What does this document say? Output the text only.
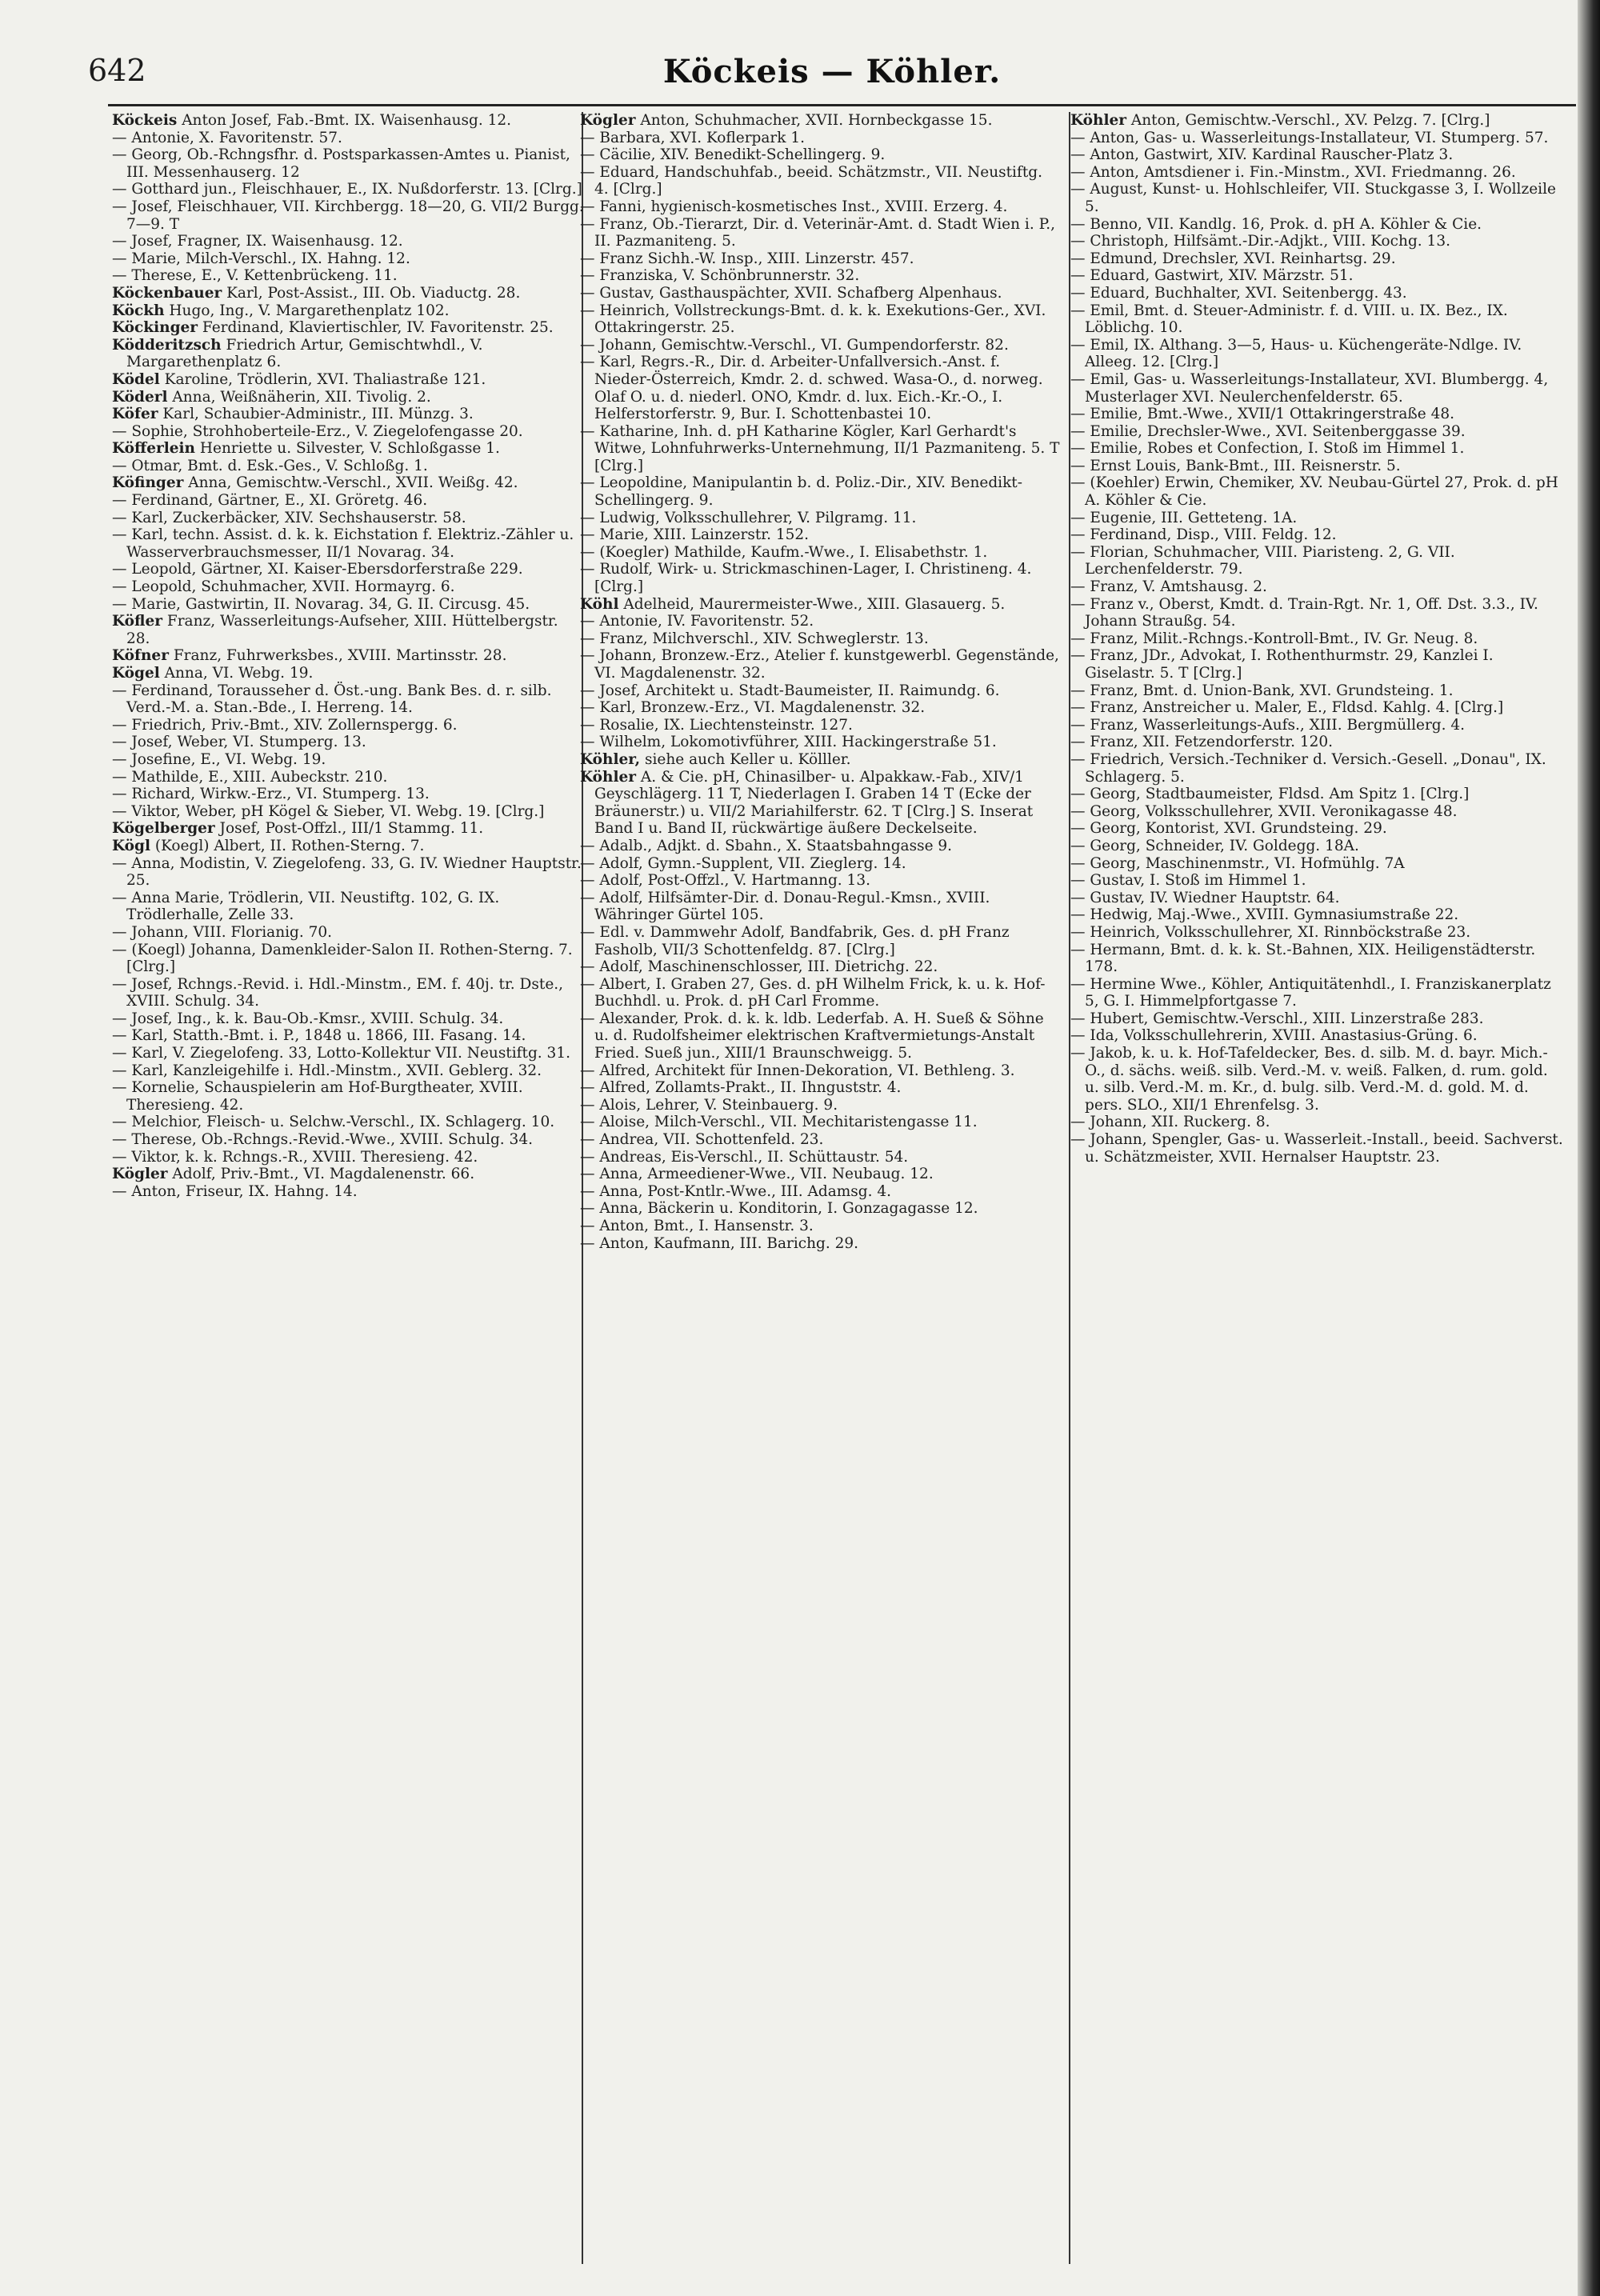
642	Köckeis — Köhler.

Köckeis Anton Josef, Fab.-Bmt. IX. Waisenhausg. 12.

— Antonie, X. Favoritenstr. 57.

— Georg, Ob.-Rchngsfhr. d. Postsparkassen-Amtes u. Pianist, III. Messenhauserg. 12

— Gotthard jun., Fleischhauer, E., IX. Nußdorferstr. 13. [Clrg.]

— Josef, Fleischhauer, VII. Kirchbergg. 18—20, G. VII/2 Burgg. 7—9. T

— Josef, Fragner, IX. Waisenhausg. 12.

— Marie, Milch-Verschl., IX. Hahng. 12.

— Therese, E., V. Kettenbrückeng. 11.

Köckenbauer Karl, Post-Assist., III. Ob. Viaductg. 28.

Köckh Hugo, Ing., V. Margarethenplatz 102.

Köckinger Ferdinand, Klaviertischler, IV. Favoritenstr. 25.

Ködderitzsch Friedrich Artur, Gemischtwhdl., V. Margarethenplatz 6.

Ködel Karoline, Trödlerin, XVI. Thaliastraße 121.

Köderl Anna, Weißnäherin, XII. Tivolig. 2.

Köfer Karl, Schaubier-Administr., III. Münzg. 3.

— Sophie, Strohhoberteile-Erz., V. Ziegelofengasse 20.

Köfferlein Henriette u. Silvester, V. Schloßgasse 1.

— Otmar, Bmt. d. Esk.-Ges., V. Schloßg. 1.

Köfinger Anna, Gemischtw.-Verschl., XVII. Weißg. 42.

— Ferdinand, Gärtner, E., XI. Gröretg. 46.

— Karl, Zuckerbäcker, XIV. Sechshauserstr. 58.

— Karl, techn. Assist. d. k. k. Eichstation f. Elektriz.-Zähler u. Wasserverbrauchsmesser, II/1 Novarag. 34.

— Leopold, Gärtner, XI. Kaiser-Ebersdorferstraße 229.

— Leopold, Schuhmacher, XVII. Hormayrg. 6.

— Marie, Gastwirtin, II. Novarag. 34, G. II. Circusg. 45.

Köfler Franz, Wasserleitungs-Aufseher, XIII. Hüttelbergstr. 28.

Köfner Franz, Fuhrwerksbes., XVIII. Martinsstr. 28.

Kögel Anna, VI. Webg. 19.

— Ferdinand, Torausseher d. Öst.-ung. Bank Bes. d. r. silb. Verd.-M. a. Stan.-Bde., I. Herreng. 14.

— Friedrich, Priv.-Bmt., XIV. Zollernspergg. 6.

— Josef, Weber, VI. Stumperg. 13.

— Josefine, E., VI. Webg. 19.

— Mathilde, E., XIII. Aubeckstr. 210.

— Richard, Wirkw.-Erz., VI. Stumperg. 13.

— Viktor, Weber, pH Kögel & Sieber, VI. Webg. 19. [Clrg.]

Kögelberger Josef, Post-Offzl., III/1 Stammg. 11.

Kögl (Koegl) Albert, II. Rothen-Sterng. 7.

— Anna, Modistin, V. Ziegelofeng. 33, G. IV. Wiedner Hauptstr. 25.

— Anna Marie, Trödlerin, VII. Neustiftg. 102, G. IX. Trödlerhalle, Zelle 33.

— Johann, VIII. Florianig. 70.

— (Koegl) Johanna, Damenkleider-Salon II. Rothen-Sterng. 7. [Clrg.]

— Josef, Rchngs.-Revid. i. Hdl.-Minstm., EM. f. 40j. tr. Dste., XVIII. Schulg. 34.

— Josef, Ing., k. k. Bau-Ob.-Kmsr., XVIII. Schulg. 34.

— Karl, Statth.-Bmt. i. P., 1848 u. 1866, III. Fasang. 14.

— Karl, V. Ziegelofeng. 33, Lotto-Kollektur VII. Neustiftg. 31.

— Karl, Kanzleigehilfe i. Hdl.-Minstm., XVII. Geblerg. 32.

— Kornelie, Schauspielerin am Hof-Burgtheater, XVIII. Theresieng. 42.

— Melchior, Fleisch- u. Selchw.-Verschl., IX. Schlagerg. 10.

— Therese, Ob.-Rchngs.-Revid.-Wwe., XVIII. Schulg. 34.

— Viktor, k. k. Rchngs.-R., XVIII. Theresieng. 42.

Kögler Adolf, Priv.-Bmt., VI. Magdalenenstr. 66.

— Anton, Friseur, IX. Hahng. 14.

Kögler Anton, Schuhmacher, XVII. Hornbeckgasse 15.

— Barbara, XVI. Koflerpark 1.

— Cäcilie, XIV. Benedikt-Schellingerg. 9.

— Eduard, Handschuhfab., beeid. Schätzmstr., VII. Neustiftg. 4. [Clrg.]

— Fanni, hygienisch-kosmetisches Inst., XVIII. Erzerg. 4.

— Franz, Ob.-Tierarzt, Dir. d. Veterinär-Amt. d. Stadt Wien i. P., II. Pazmaniteng. 5.

— Franz Sichh.-W. Insp., XIII. Linzerstr. 457.

— Franziska, V. Schönbrunnerstr. 32.

— Gustav, Gasthauspächter, XVII. Schafberg Alpenhaus.

— Heinrich, Vollstreckungs-Bmt. d. k. k. Exekutions-Ger., XVI. Ottakringerstr. 25.

— Johann, Gemischtw.-Verschl., VI. Gumpendorferstr. 82.

— Karl, Regrs.-R., Dir. d. Arbeiter-Unfallversich.-Anst. f. Nieder-Österreich, Kmdr. 2. d. schwed. Wasa-O., d. norweg. Olaf O. u. d. niederl. ONO, Kmdr. d. lux. Eich.-Kr.-O., I. Helferstorferstr. 9, Bur. I. Schottenbastei 10.

— Katharine, Inh. d. pH Katharine Kögler, Karl Gerhardt's Witwe, Lohnfuhrwerks-Unternehmung, II/1 Pazmaniteng. 5. T [Clrg.]

— Leopoldine, Manipulantin b. d. Poliz.-Dir., XIV. Benedikt-Schellingerg. 9.

— Ludwig, Volksschullehrer, V. Pilgramg. 11.

— Marie, XIII. Lainzerstr. 152.

— (Koegler) Mathilde, Kaufm.-Wwe., I. Elisabethstr. 1.

— Rudolf, Wirk- u. Strickmaschinen-Lager, I. Christineng. 4. [Clrg.]

Köhl Adelheid, Maurermeister-Wwe., XIII. Glasauerg. 5.

— Antonie, IV. Favoritenstr. 52.

— Franz, Milchverschl., XIV. Schweglerstr. 13.

— Johann, Bronzew.-Erz., Atelier f. kunstgewerbl. Gegenstände, VI. Magdalenenstr. 32.

— Josef, Architekt u. Stadt-Baumeister, II. Raimundg. 6.

— Karl, Bronzew.-Erz., VI. Magdalenenstr. 32.

— Rosalie, IX. Liechtensteinstr. 127.

— Wilhelm, Lokomotivführer, XIII. Hackingerstraße 51.

Köhler, siehe auch Keller u. Kölller.

Köhler A. & Cie. pH, Chinasilber- u. Alpakkaw.-Fab., XIV/1 Geyschlägerg. 11 T, Niederlagen I. Graben 14 T (Ecke der Bräunerstr.) u. VII/2 Mariahilferstr. 62. T [Clrg.] S. Inserat Band I u. Band II, rückwärtige äußere Deckelseite.

— Adalb., Adjkt. d. Sbahn., X. Staatsbahngasse 9.

— Adolf, Gymn.-Supplent, VII. Zieglerg. 14.

— Adolf, Post-Offzl., V. Hartmanng. 13.

— Adolf, Hilfsämter-Dir. d. Donau-Regul.-Kmsn., XVIII. Währinger Gürtel 105.

— Edl. v. Dammwehr Adolf, Bandfabrik, Ges. d. pH Franz Fasholb, VII/3 Schottenfeldg. 87. [Clrg.]

— Adolf, Maschinenschlosser, III. Dietrichg. 22.

— Albert, I. Graben 27, Ges. d. pH Wilhelm Frick, k. u. k. Hof-Buchhdl. u. Prok. d. pH Carl Fromme.

— Alexander, Prok. d. k. k. ldb. Lederfab. A. H. Sueß & Söhne u. d. Rudolfsheimer elektrischen Kraftvermietungs-Anstalt Fried. Sueß jun., XIII/1 Braunschweigg. 5.

— Alfred, Architekt für Innen-Dekoration, VI. Bethleng. 3.

— Alfred, Zollamts-Prakt., II. Ihnguststr. 4.

— Alois, Lehrer, V. Steinbauerg. 9.

— Aloise, Milch-Verschl., VII. Mechitaristengasse 11.

— Andrea, VII. Schottenfeld. 23.

— Andreas, Eis-Verschl., II. Schüttaustr. 54.

— Anna, Armeediener-Wwe., VII. Neubaug. 12.

— Anna, Post-Kntlr.-Wwe., III. Adamsg. 4.

— Anna, Bäckerin u. Konditorin, I. Gonzagagasse 12.

— Anton, Bmt., I. Hansenstr. 3.

— Anton, Kaufmann, III. Barichg. 29.

Köhler Anton, Gemischtw.-Verschl., XV. Pelzg. 7. [Clrg.]

— Anton, Gas- u. Wasserleitungs-Installateur, VI. Stumperg. 57.

— Anton, Gastwirt, XIV. Kardinal Rauscher-Platz 3.

— Anton, Amtsdiener i. Fin.-Minstm., XVI. Friedmanng. 26.

— August, Kunst- u. Hohlschleifer, VII. Stuckgasse 3, I. Wollzeile 5.

— Benno, VII. Kandlg. 16, Prok. d. pH A. Köhler & Cie.

— Christoph, Hilfsämt.-Dir.-Adjkt., VIII. Kochg. 13.

— Edmund, Drechsler, XVI. Reinhartsg. 29.

— Eduard, Gastwirt, XIV. Märzstr. 51.

— Eduard, Buchhalter, XVI. Seitenbergg. 43.

— Emil, Bmt. d. Steuer-Administr. f. d. VIII. u. IX. Bez., IX. Löblichg. 10.

— Emil, IX. Althang. 3—5, Haus- u. Küchengeräte-Ndlge. IV. Alleeg. 12. [Clrg.]

— Emil, Gas- u. Wasserleitungs-Installateur, XVI. Blumbergg. 4, Musterlager XVI. Neulerchenfelderstr. 65.

— Emilie, Bmt.-Wwe., XVII/1 Ottakringerstraße 48.

— Emilie, Drechsler-Wwe., XVI. Seitenberggasse 39.

— Emilie, Robes et Confection, I. Stoß im Himmel 1.

— Ernst Louis, Bank-Bmt., III. Reisnerstr. 5.

— (Koehler) Erwin, Chemiker, XV. Neubau-Gürtel 27, Prok. d. pH A. Köhler & Cie.

— Eugenie, III. Getteteng. 1A.

— Ferdinand, Disp., VIII. Feldg. 12.

— Florian, Schuhmacher, VIII. Piaristeng. 2, G. VII. Lerchenfelderstr. 79.

— Franz, V. Amtshausg. 2.

— Franz v., Oberst, Kmdt. d. Train-Rgt. Nr. 1, Off. Dst. 3.3., IV. Johann Straußg. 54.

— Franz, Milit.-Rchngs.-Kontroll-Bmt., IV. Gr. Neug. 8.

— Franz, JDr., Advokat, I. Rothenthurmstr. 29, Kanzlei I. Giselastr. 5. T [Clrg.]

— Franz, Bmt. d. Union-Bank, XVI. Grundsteing. 1.

— Franz, Anstreicher u. Maler, E., Fldsd. Kahlg. 4. [Clrg.]

— Franz, Wasserleitungs-Aufs., XIII. Bergmüllerg. 4.

— Franz, XII. Fetzendorferstr. 120.

— Friedrich, Versich.-Techniker d. Versich.-Gesell. „Donau", IX. Schlagerg. 5.

— Georg, Stadtbaumeister, Fldsd. Am Spitz 1. [Clrg.]

— Georg, Volksschullehrer, XVII. Veronikagasse 48.

— Georg, Kontorist, XVI. Grundsteing. 29.

— Georg, Schneider, IV. Goldegg. 18A.

— Georg, Maschinenmstr., VI. Hofmühlg. 7A

— Gustav, I. Stoß im Himmel 1.

— Gustav, IV. Wiedner Hauptstr. 64.

— Hedwig, Maj.-Wwe., XVIII. Gymnasiumstraße 22.

— Heinrich, Volksschullehrer, XI. Rinnböckstraße 23.

— Hermann, Bmt. d. k. k. St.-Bahnen, XIX. Heiligenstädterstr. 178.

— Hermine Wwe., Köhler, Antiquitätenhdl., I. Franziskanerplatz 5, G. I. Himmelpfortgasse 7.

— Hubert, Gemischtw.-Verschl., XIII. Linzerstraße 283.

— Ida, Volksschullehrerin, XVIII. Anastasius-Grüng. 6.

— Jakob, k. u. k. Hof-Tafeldecker, Bes. d. silb. M. d. bayr. Mich.-O., d. sächs. weiß. silb. Verd.-M. v. weiß. Falken, d. rum. gold. u. silb. Verd.-M. m. Kr., d. bulg. silb. Verd.-M. d. gold. M. d. pers. SLO., XII/1 Ehrenfelsg. 3.

— Johann, XII. Ruckerg. 8.

— Johann, Spengler, Gas- u. Wasserleit.-Install., beeid. Sachverst. u. Schätzmeister, XVII. Hernalser Hauptstr. 23.
